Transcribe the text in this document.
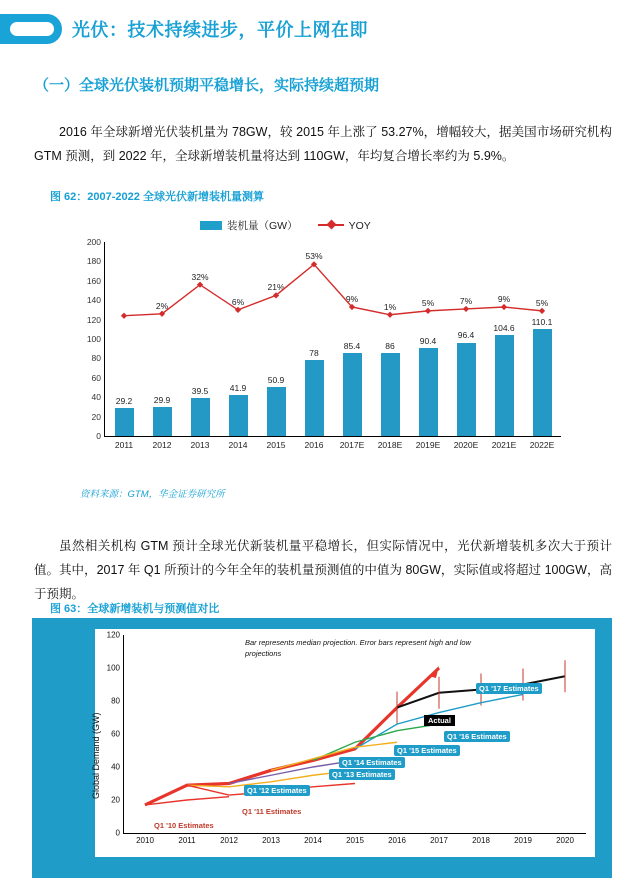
光伏：技术持续进步，平价上网在即
（一）全球光伏装机预期平稳增长，实际持续超预期
2016 年全球新增光伏装机量为 78GW，较 2015 年上涨了 53.27%，增幅较大，据美国市场研究机构 GTM 预测，到 2022 年，全球新增装机量将达到 110GW，年均复合增长率约为 5.9%。
图 62：2007-2022 全球光伏新增装机量测算
装机量（GW）	YOY
0
20
40
60
80
100
120
140
160
180
200
29.2
2011
29.9
2012
39.5
2013
41.9
2014
50.9
2015
78
2016
85.4
2017E
86
2018E
90.4
2019E
96.4
2020E
104.6
2021E
110.1
2022E
2%
32%
6%
21%
53%
9%
1%	5%	7%	9%	5%
资料来源：GTM，华金证券研究所
虽然相关机构 GTM 预计全球光伏新装机量平稳增长，但实际情况中，光伏新增装机多次大于预计值。其中，2017 年 Q1 所预计的今年全年的装机量预测值的中值为 80GW，实际值或将超过 100GW，高于预期。
图 63：全球新增装机与预测值对比
Global Demand (GW)
Bar represents median projection. Error bars represent high and low projections
0
20
40
60
80
100
120
2010	2011	2012	2013	2014	2015	2016	2017	2018	2019	2020
Actual
Q1 '17 Estimates
Q1 '16 Estimates
Q1 '15 Estimates
Q1 '14 Estimates
Q1 '13 Estimates
Q1 '12 Estimates
Q1 '11 Estimates
Q1 '10 Estimates
